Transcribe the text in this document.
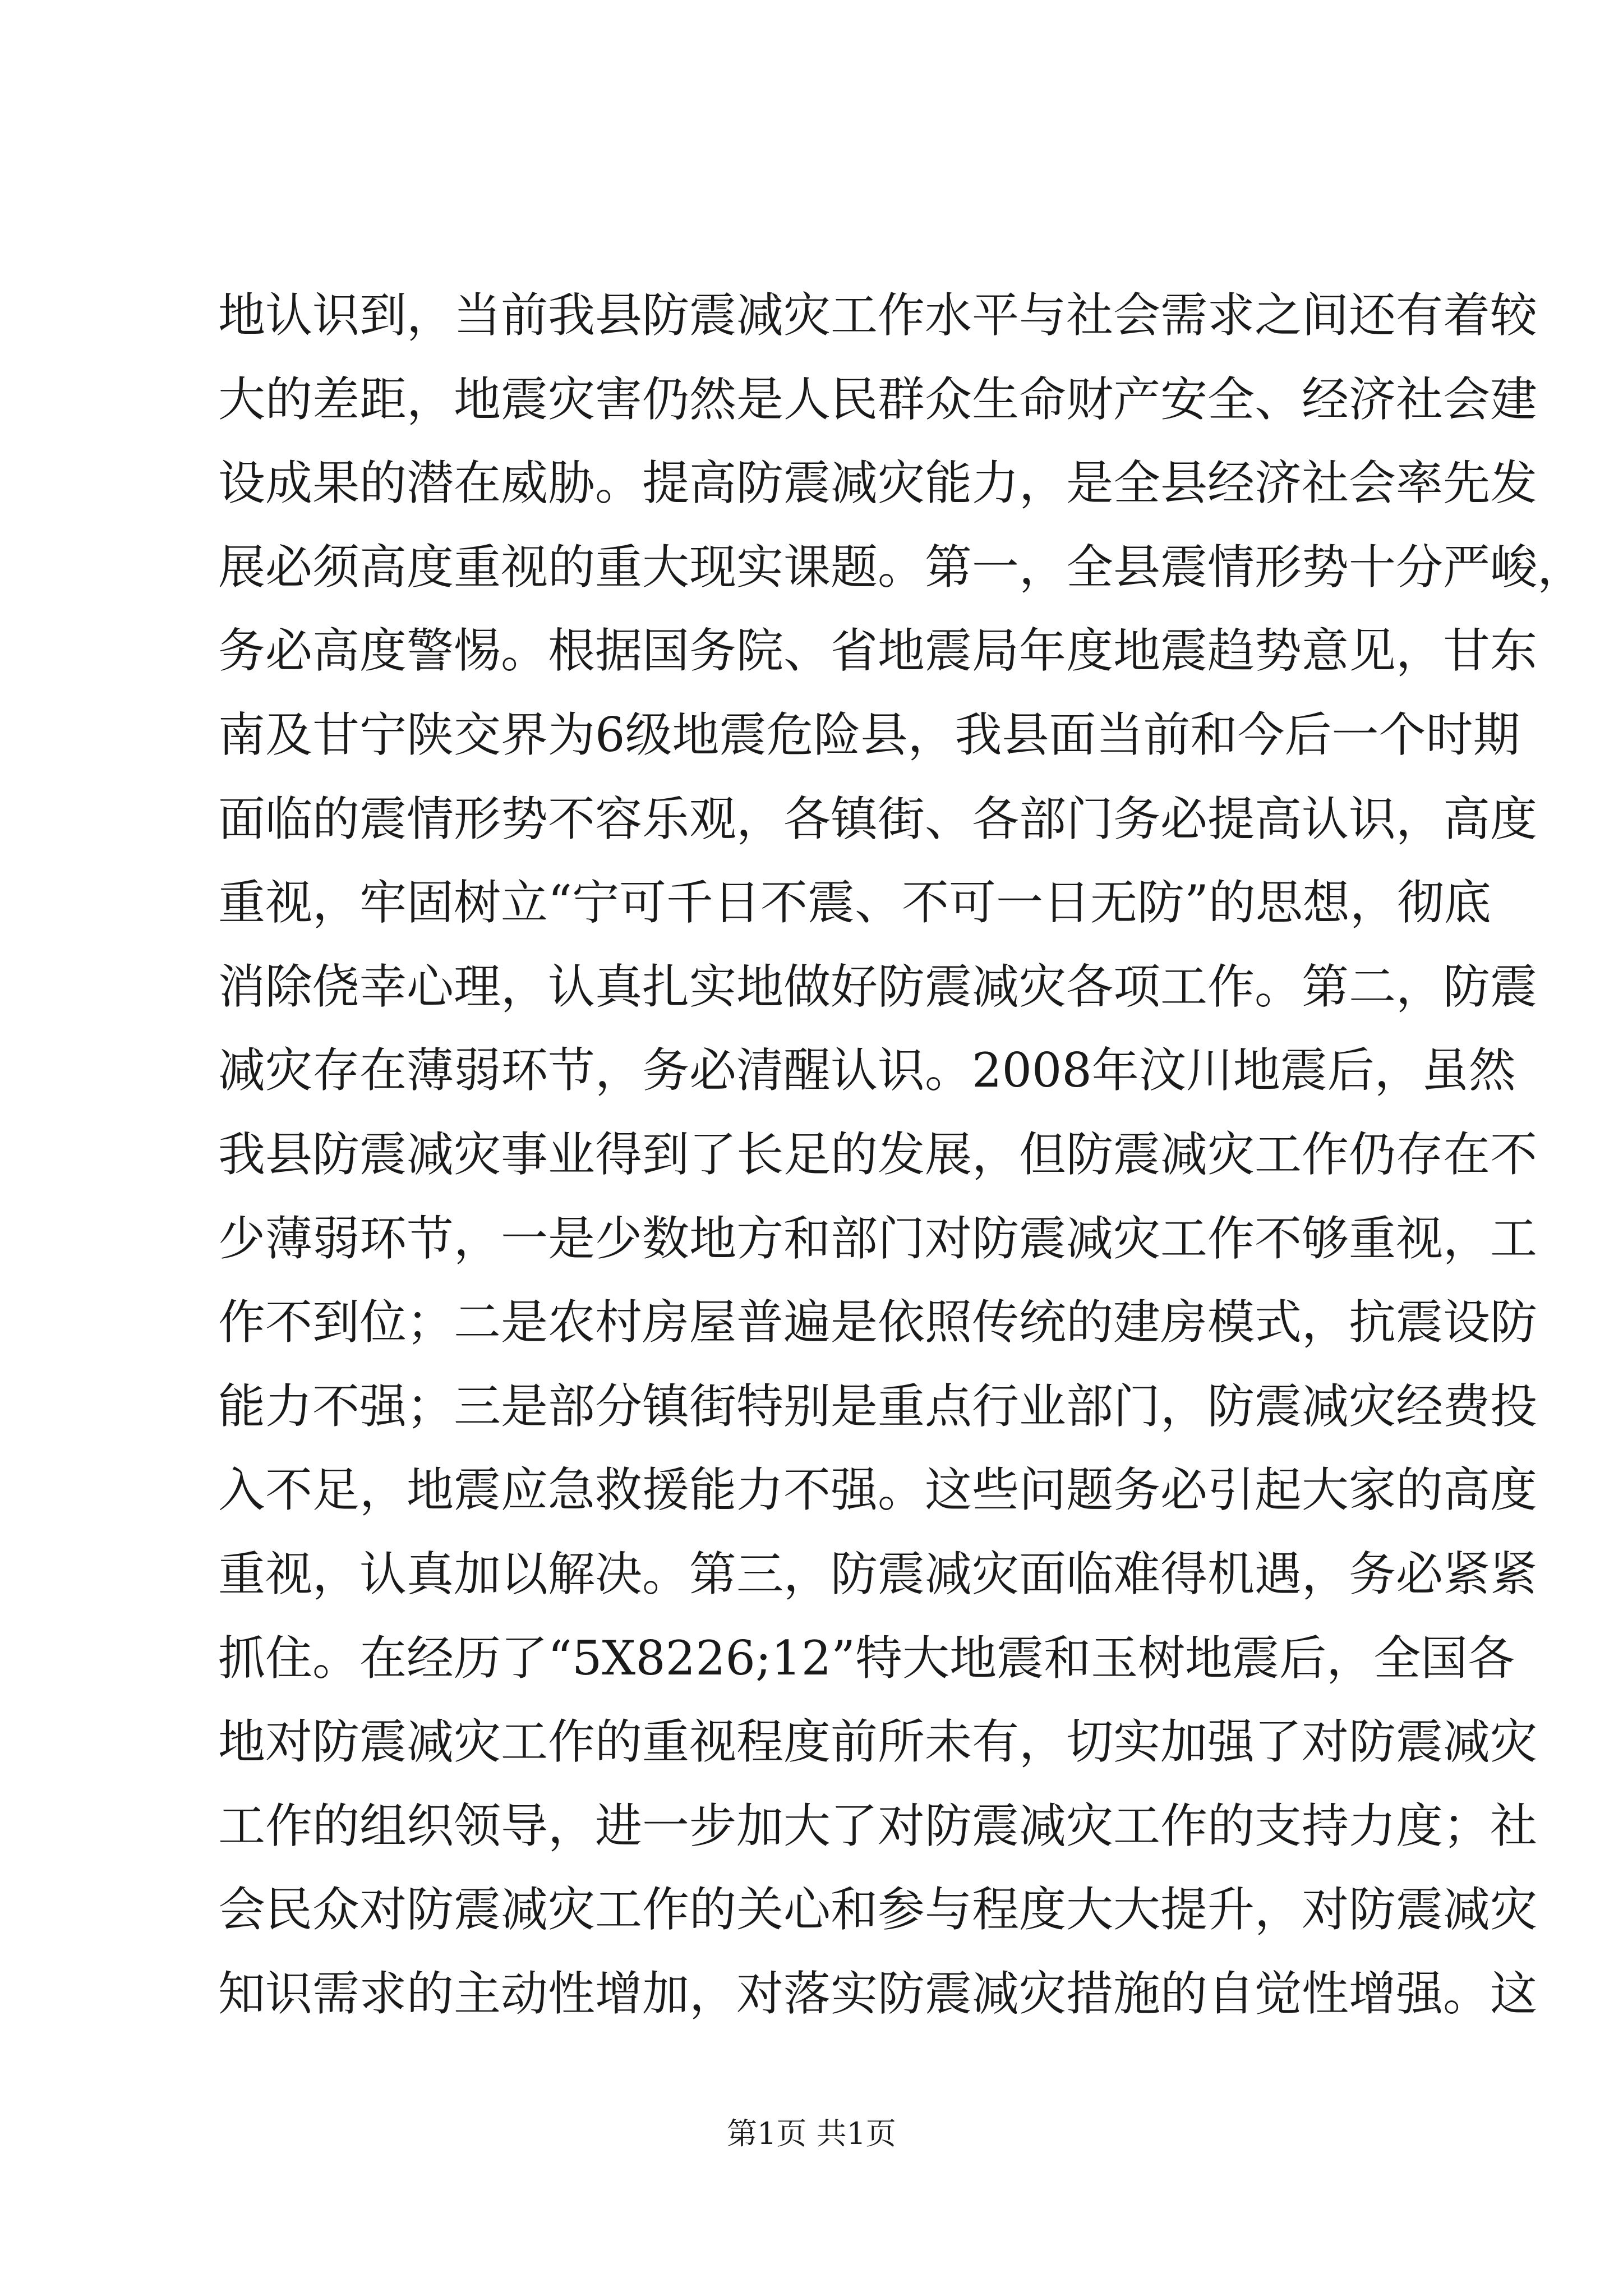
地认识到，当前我县防震减灾工作水平与社会需求之间还有着较
大的差距，地震灾害仍然是人民群众生命财产安全、经济社会建
设成果的潜在威胁。提高防震减灾能力，是全县经济社会率先发
展必须高度重视的重大现实课题。第一，全县震情形势十分严峻，
务必高度警惕。根据国务院、省地震局年度地震趋势意见，甘东
南及甘宁陕交界为6级地震危险县，我县面当前和今后一个时期
面临的震情形势不容乐观，各镇街、各部门务必提高认识，高度
重视，牢固树立“宁可千日不震、不可一日无防”的思想，彻底
消除侥幸心理，认真扎实地做好防震减灾各项工作。第二，防震
减灾存在薄弱环节，务必清醒认识。2008年汶川地震后，虽然
我县防震减灾事业得到了长足的发展，但防震减灾工作仍存在不
少薄弱环节，一是少数地方和部门对防震减灾工作不够重视，工
作不到位；二是农村房屋普遍是依照传统的建房模式，抗震设防
能力不强；三是部分镇街特别是重点行业部门，防震减灾经费投
入不足，地震应急救援能力不强。这些问题务必引起大家的高度
重视，认真加以解决。第三，防震减灾面临难得机遇，务必紧紧
抓住。在经历了“5X8226;12”特大地震和玉树地震后，全国各
地对防震减灾工作的重视程度前所未有，切实加强了对防震减灾
工作的组织领导，进一步加大了对防震减灾工作的支持力度；社
会民众对防震减灾工作的关心和参与程度大大提升，对防震减灾
知识需求的主动性增加，对落实防震减灾措施的自觉性增强。这
第1页 共1页
